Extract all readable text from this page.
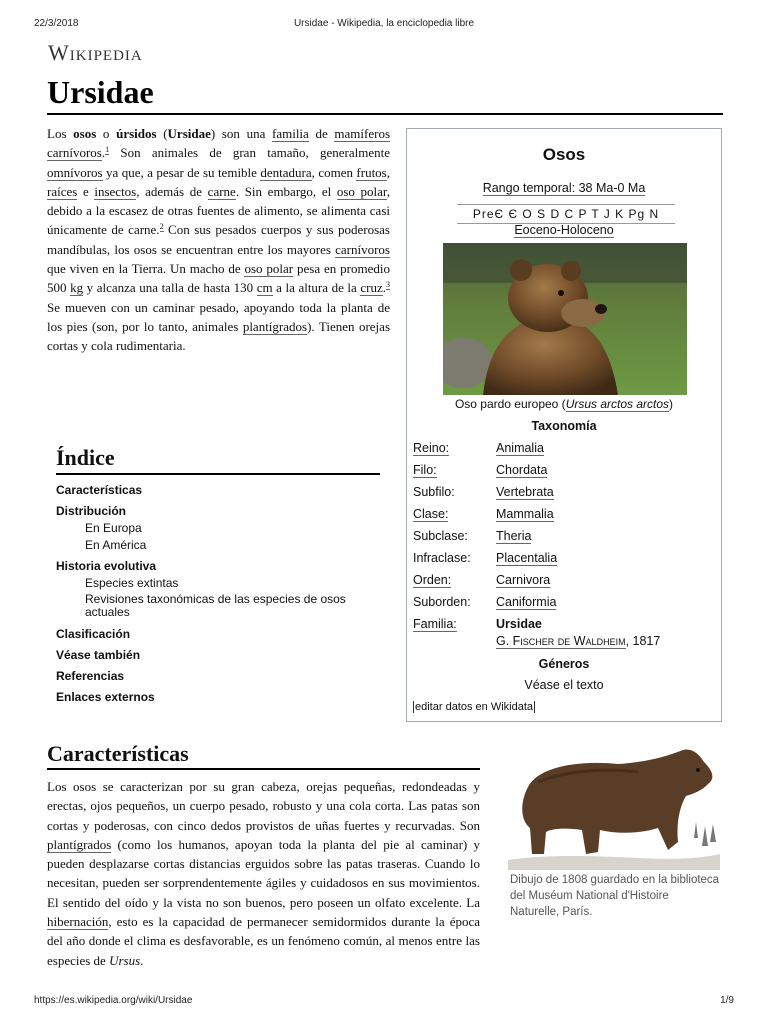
22/3/2018	Ursidae - Wikipedia, la enciclopedia libre
Wikipedia
Ursidae

Los osos o úrsidos (Ursidae) son una familia de mamíferos carnívoros.$^1$ Son animales de gran tamaño, generalmente omnívoros ya que, a pesar de su temible dentadura, comen frutos, raíces e insectos, además de carne. Sin embargo, el oso polar, debido a la escasez de otras fuentes de alimento, se alimenta casi únicamente de carne.$^2$ Con sus pesados cuerpos y sus poderosas mandíbulas, los osos se encuentran entre los mayores carnívoros que viven en la Tierra. Un macho de oso polar pesa en promedio 500 kg y alcanza una talla de hasta 130 cm a la altura de la cruz.$^3$ Se mueven con un caminar pesado, apoyando toda la planta de los pies (son, por lo tanto, animales plantígrados). Tienen orejas cortas y cola rudimentaria.

Osos
Rango temporal: 38 Ma-0 Ma
PreЄ Є O S D C P T J K Pg N
Eoceno-Holoceno
Oso pardo europeo (Ursus arctos arctos)
Taxonomía
Reino:	Animalia
Filo:	Chordata
Subfilo:	Vertebrata
Clase:	Mammalia
Subclase: Theria
Infraclase: Placentalia
Orden:	Carnivora
Suborden: Caniformia
Familia:	Ursidae
G. Fischer de Waldheim, 1817
Géneros
Véase el texto
editar datos en Wikidata
Índice
Características
Distribución
En Europa
En América
Historia evolutiva
Especies extintas
Revisiones taxonómicas de las especies de osos actuales
Clasificación
Véase también
Referencias
Enlaces externos
Características

Los osos se caracterizan por su gran cabeza, orejas pequeñas, redondeadas y erectas, ojos pequeños, un cuerpo pesado, robusto y una cola corta. Las patas son cortas y poderosas, con cinco dedos provistos de uñas fuertes y recurvadas. Son plantígrados (como los humanos, apoyan toda la planta del pie al caminar) y pueden desplazarse cortas distancias erguidos sobre las patas traseras. Cuando lo necesitan, pueden ser sorprendentemente ágiles y cuidadosos en sus movimientos. El sentido del oído y la vista no son buenos, pero poseen un olfato excelente. La hibernación, esto es la capacidad de permanecer semidormidos durante la época del año donde el clima es desfavorable, es un fenómeno común, al menos entre las especies de Ursus.

Dibujo de 1808 guardado en la biblioteca del Muséum National d'Histoire Naturelle, París.
https://es.wikipedia.org/wiki/Ursidae	1/9
